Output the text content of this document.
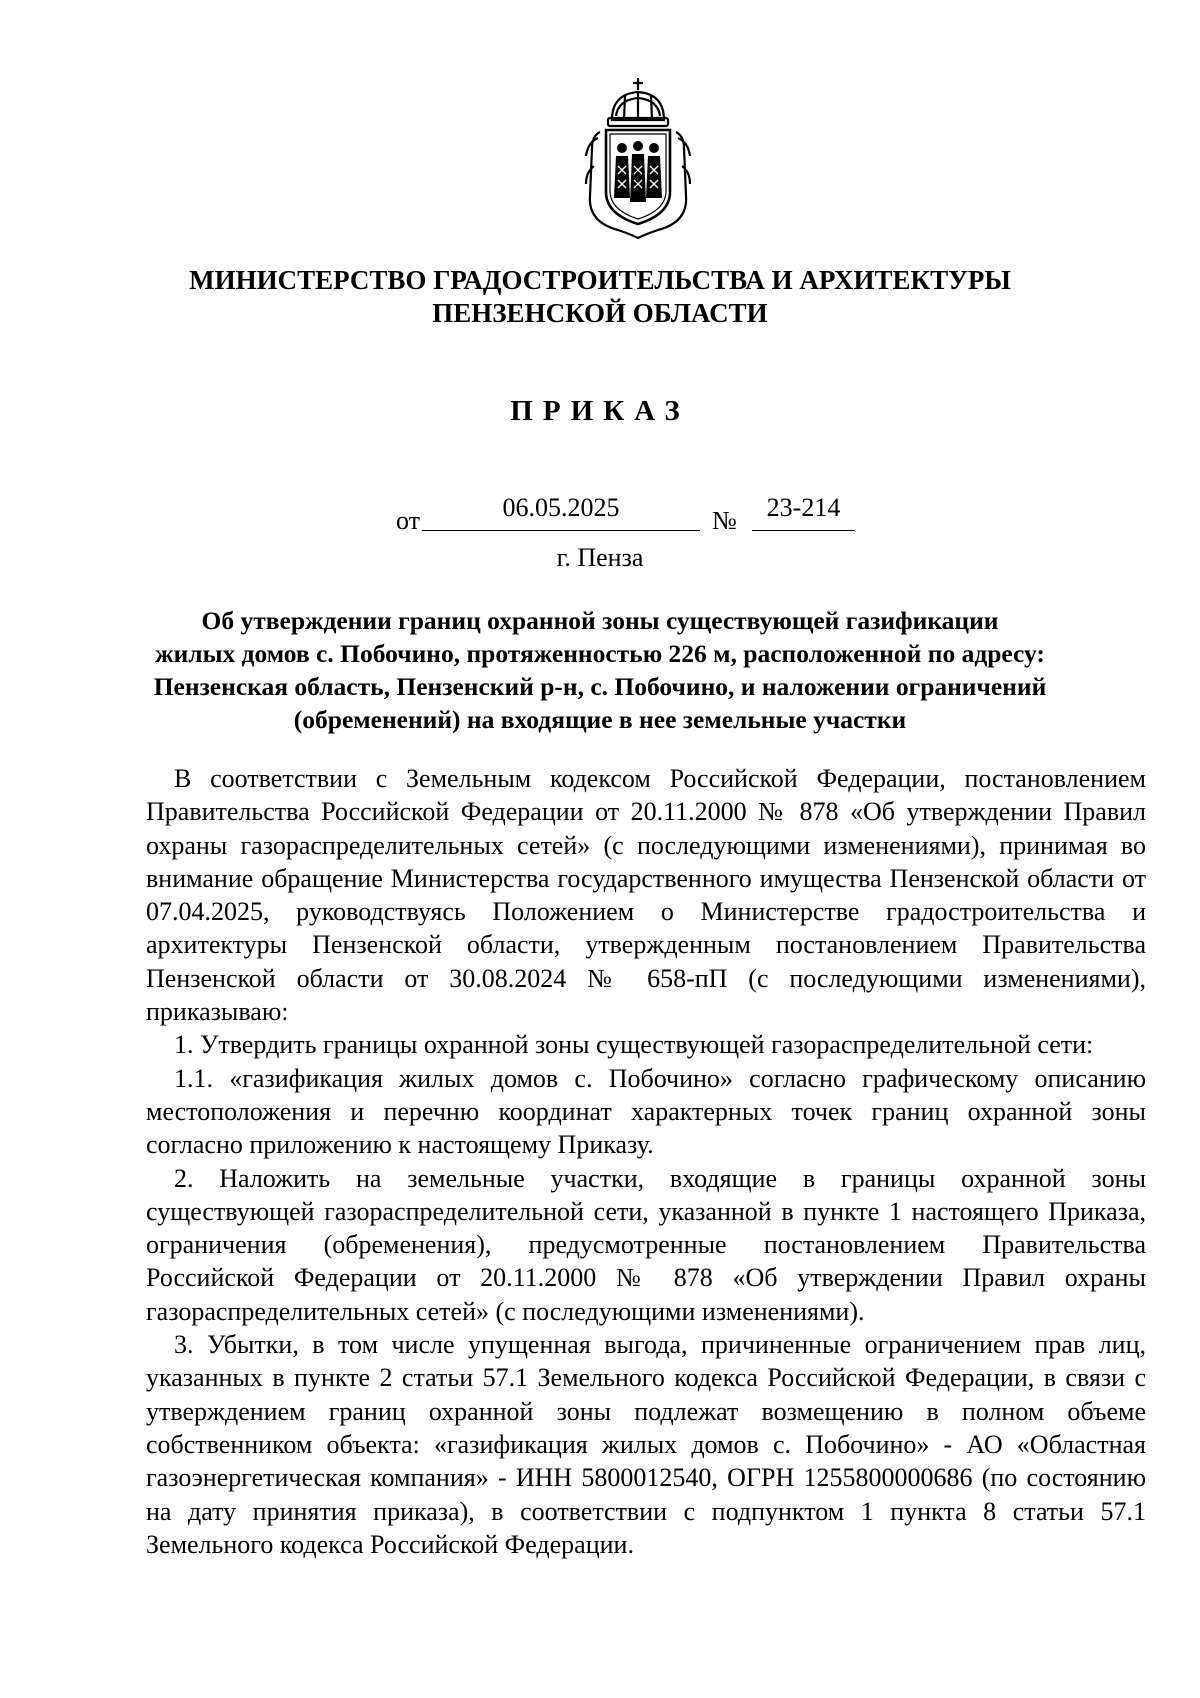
МИНИСТЕРСТВО ГРАДОСТРОИТЕЛЬСТВА И АРХИТЕКТУРЫ
ПЕНЗЕНСКОЙ ОБЛАСТИ
ПРИКАЗ
от	06.05.2025	№	23-214
г. Пенза
Об утверждении границ охранной зоны существующей газификации
жилых домов с. Побочино, протяженностью 226 м, расположенной по адресу:
Пензенская область, Пензенский р-н, с. Побочино, и наложении ограничений
(обременений) на входящие в нее земельные участки

В соответствии с Земельным кодексом Российской Федерации, постановлением Правительства Российской Федерации от 20.11.2000 № 878 «Об утверждении Правил охраны газораспределительных сетей» (с последующими изменениями), принимая во внимание обращение Министерства государственного имущества Пензенской области от 07.04.2025, руководствуясь Положением о Министерстве градостроительства и архитектуры Пензенской области, утвержденным постановлением Правительства Пензенской области от 30.08.2024 № 658-пП (с последующими изменениями), приказываю:

1. Утвердить границы охранной зоны существующей газораспределительной сети:

1.1. «газификация жилых домов с. Побочино» согласно графическому описанию местоположения и перечню координат характерных точек границ охранной зоны согласно приложению к настоящему Приказу.

2. Наложить на земельные участки, входящие в границы охранной зоны существующей газораспределительной сети, указанной в пункте 1 настоящего Приказа, ограничения (обременения), предусмотренные постановлением Правительства Российской Федерации от 20.11.2000 № 878 «Об утверждении Правил охраны газораспределительных сетей» (с последующими изменениями).

3. Убытки, в том числе упущенная выгода, причиненные ограничением прав лиц, указанных в пункте 2 статьи 57.1 Земельного кодекса Российской Федерации, в связи с утверждением границ охранной зоны подлежат возмещению в полном объеме собственником объекта: «газификация жилых домов с. Побочино» - АО «Областная газоэнергетическая компания» - ИНН 5800012540, ОГРН 1255800000686 (по состоянию на дату принятия приказа), в соответствии с подпунктом 1 пункта 8 статьи 57.1 Земельного кодекса Российской Федерации.
